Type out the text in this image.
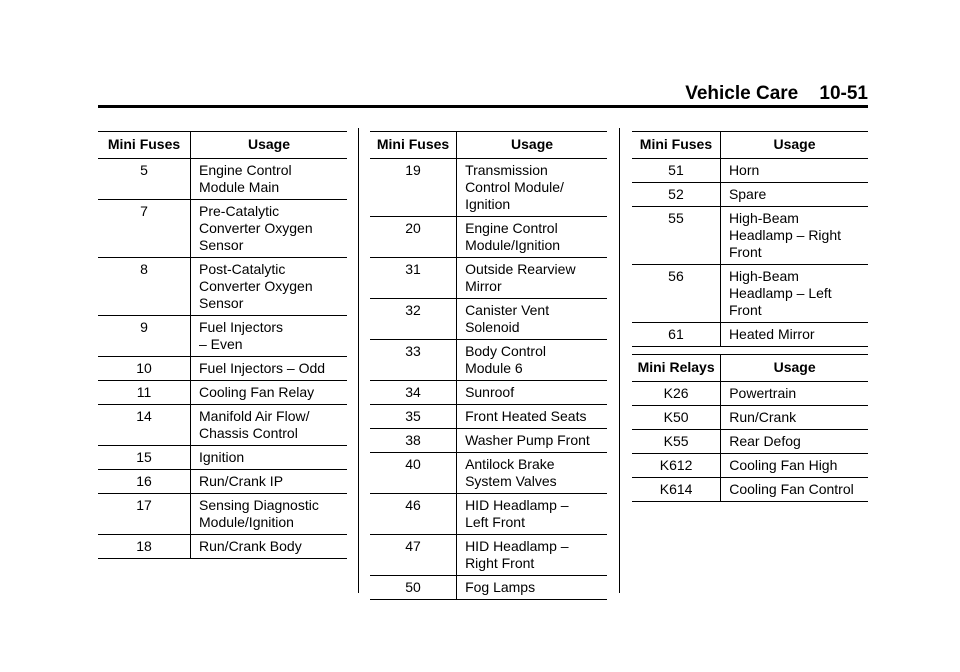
Vehicle Care 10-51
Mini Fuses	Usage
5	Engine Control
Module Main

7	Pre-Catalytic
Converter Oxygen
Sensor

8	Post-Catalytic
Converter Oxygen
Sensor

9	Fuel Injectors
– Even

10	Fuel Injectors – Odd

11	Cooling Fan Relay

14	Manifold Air Flow/
Chassis Control

15	Ignition

16	Run/Crank IP

17	Sensing Diagnostic
Module/Ignition

18	Run/Crank Body
Mini Fuses	Usage
19	Transmission
Control Module/
Ignition

20	Engine Control
Module/Ignition

31	Outside Rearview
Mirror

32	Canister Vent
Solenoid

33	Body Control
Module 6

34	Sunroof

35	Front Heated Seats

38	Washer Pump Front

40	Antilock Brake
System Valves

46	HID Headlamp –
Left Front

47	HID Headlamp –
Right Front

50	Fog Lamps
Mini Fuses	Usage
51	Horn

52	Spare

55	High-Beam
Headlamp – Right
Front

56	High-Beam
Headlamp – Left
Front

61	Heated Mirror
Mini Relays	Usage
K26	Powertrain

K50	Run/Crank

K55	Rear Defog

K612	Cooling Fan High

K614	Cooling Fan Control
